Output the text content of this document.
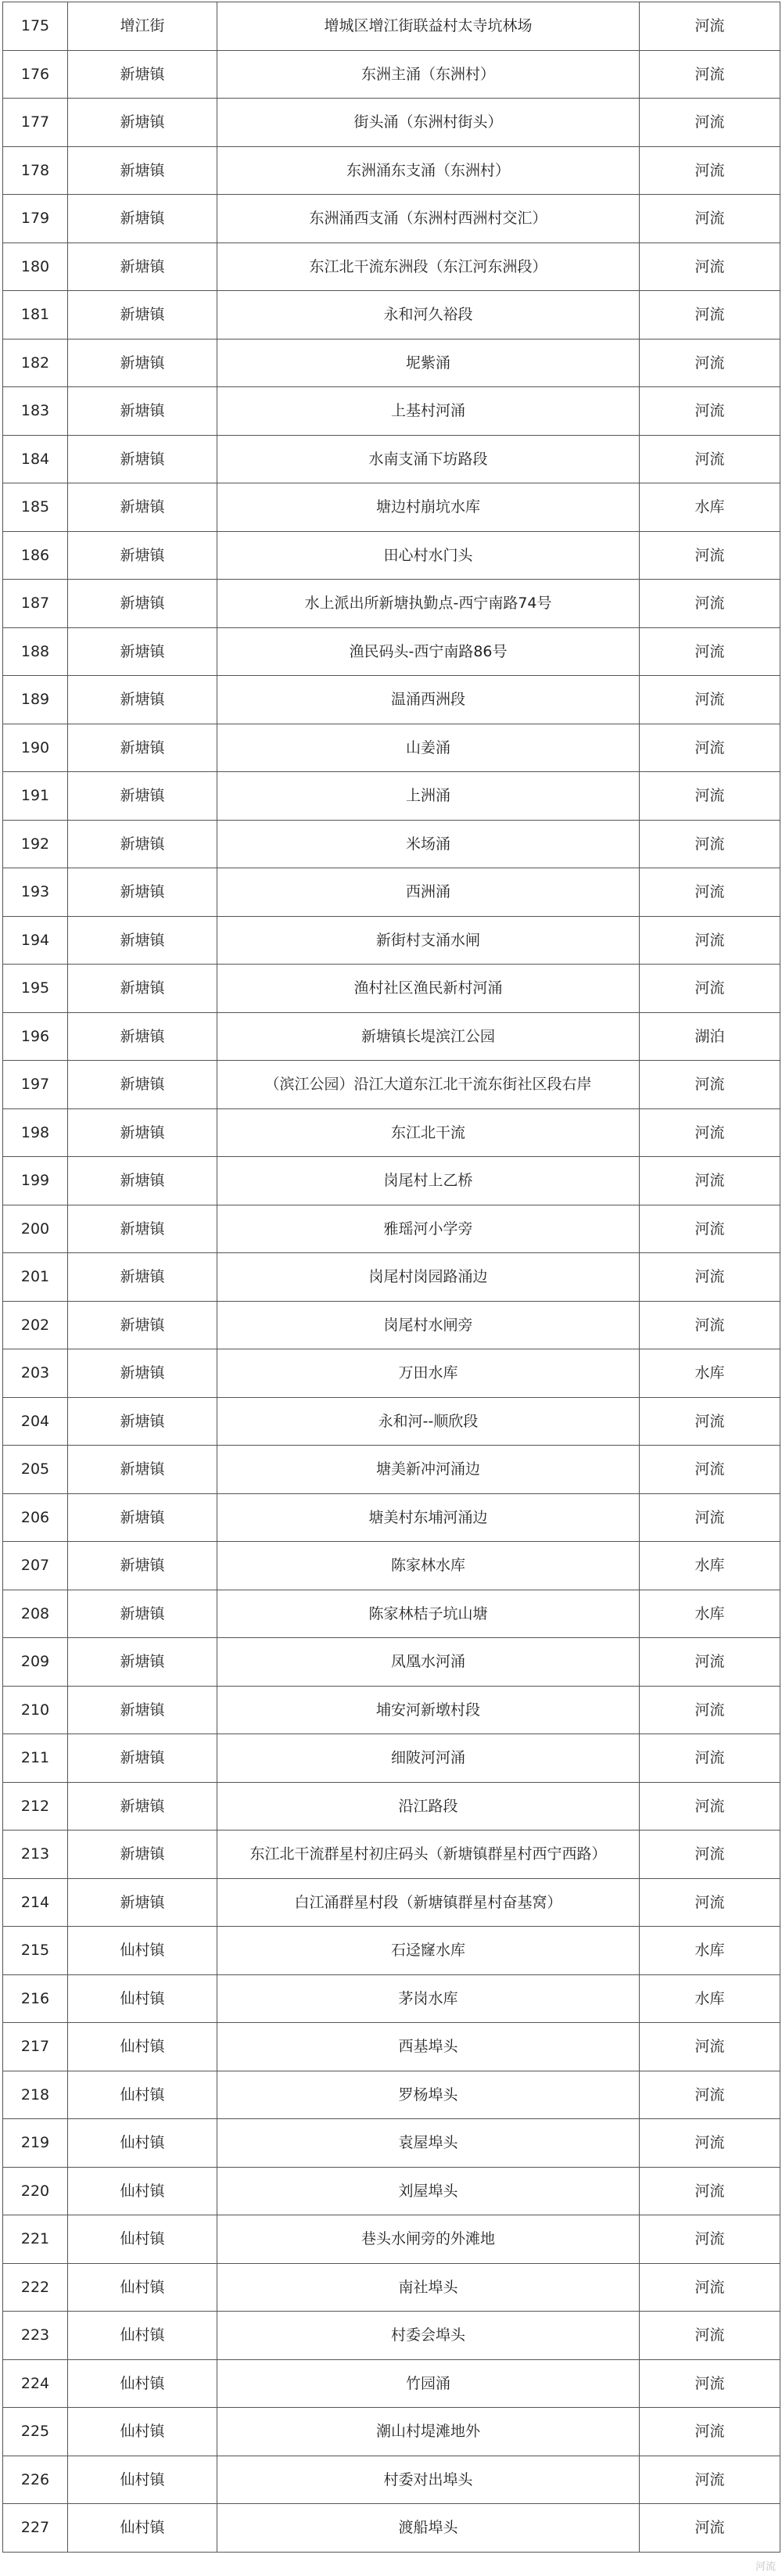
175	增江街	增城区增江街联益村太寺坑林场	河流
176	新塘镇	东洲主涌（东洲村）	河流
177	新塘镇	街头涌（东洲村街头）	河流
178	新塘镇	东洲涌东支涌（东洲村）	河流
179	新塘镇	东洲涌西支涌（东洲村西洲村交汇）	河流
180	新塘镇	东江北干流东洲段（东江河东洲段）	河流
181	新塘镇	永和河久裕段	河流
182	新塘镇	坭紫涌	河流
183	新塘镇	上基村河涌	河流
184	新塘镇	水南支涌下坊路段	河流
185	新塘镇	塘边村崩坑水库	水库
186	新塘镇	田心村水门头	河流
187	新塘镇	水上派出所新塘执勤点-西宁南路74号	河流
188	新塘镇	渔民码头-西宁南路86号	河流
189	新塘镇	温涌西洲段	河流
190	新塘镇	山姜涌	河流
191	新塘镇	上洲涌	河流
192	新塘镇	米场涌	河流
193	新塘镇	西洲涌	河流
194	新塘镇	新街村支涌水闸	河流
195	新塘镇	渔村社区渔民新村河涌	河流
196	新塘镇	新塘镇长堤滨江公园	湖泊
197	新塘镇	（滨江公园）沿江大道东江北干流东街社区段右岸	河流
198	新塘镇	东江北干流	河流
199	新塘镇	岗尾村上乙桥	河流
200	新塘镇	雅瑶河小学旁	河流
201	新塘镇	岗尾村岗园路涌边	河流
202	新塘镇	岗尾村水闸旁	河流
203	新塘镇	万田水库	水库
204	新塘镇	永和河--顺欣段	河流
205	新塘镇	塘美新冲河涌边	河流
206	新塘镇	塘美村东埔河涌边	河流
207	新塘镇	陈家林水库	水库
208	新塘镇	陈家林桔子坑山塘	水库
209	新塘镇	凤凰水河涌	河流
210	新塘镇	埔安河新墩村段	河流
211	新塘镇	细陂河河涌	河流
212	新塘镇	沿江路段	河流
213	新塘镇	东江北干流群星村初庄码头（新塘镇群星村西宁西路）	河流
214	新塘镇	白江涌群星村段（新塘镇群星村奋基窝）	河流
215	仙村镇	石迳窿水库	水库
216	仙村镇	茅岗水库	水库
217	仙村镇	西基埠头	河流
218	仙村镇	罗杨埠头	河流
219	仙村镇	袁屋埠头	河流
220	仙村镇	刘屋埠头	河流
221	仙村镇	巷头水闸旁的外滩地	河流
222	仙村镇	南社埠头	河流
223	仙村镇	村委会埠头	河流
224	仙村镇	竹园涌	河流
225	仙村镇	潮山村堤滩地外	河流
226	仙村镇	村委对出埠头	河流
227	仙村镇	渡船埠头	河流
河流
